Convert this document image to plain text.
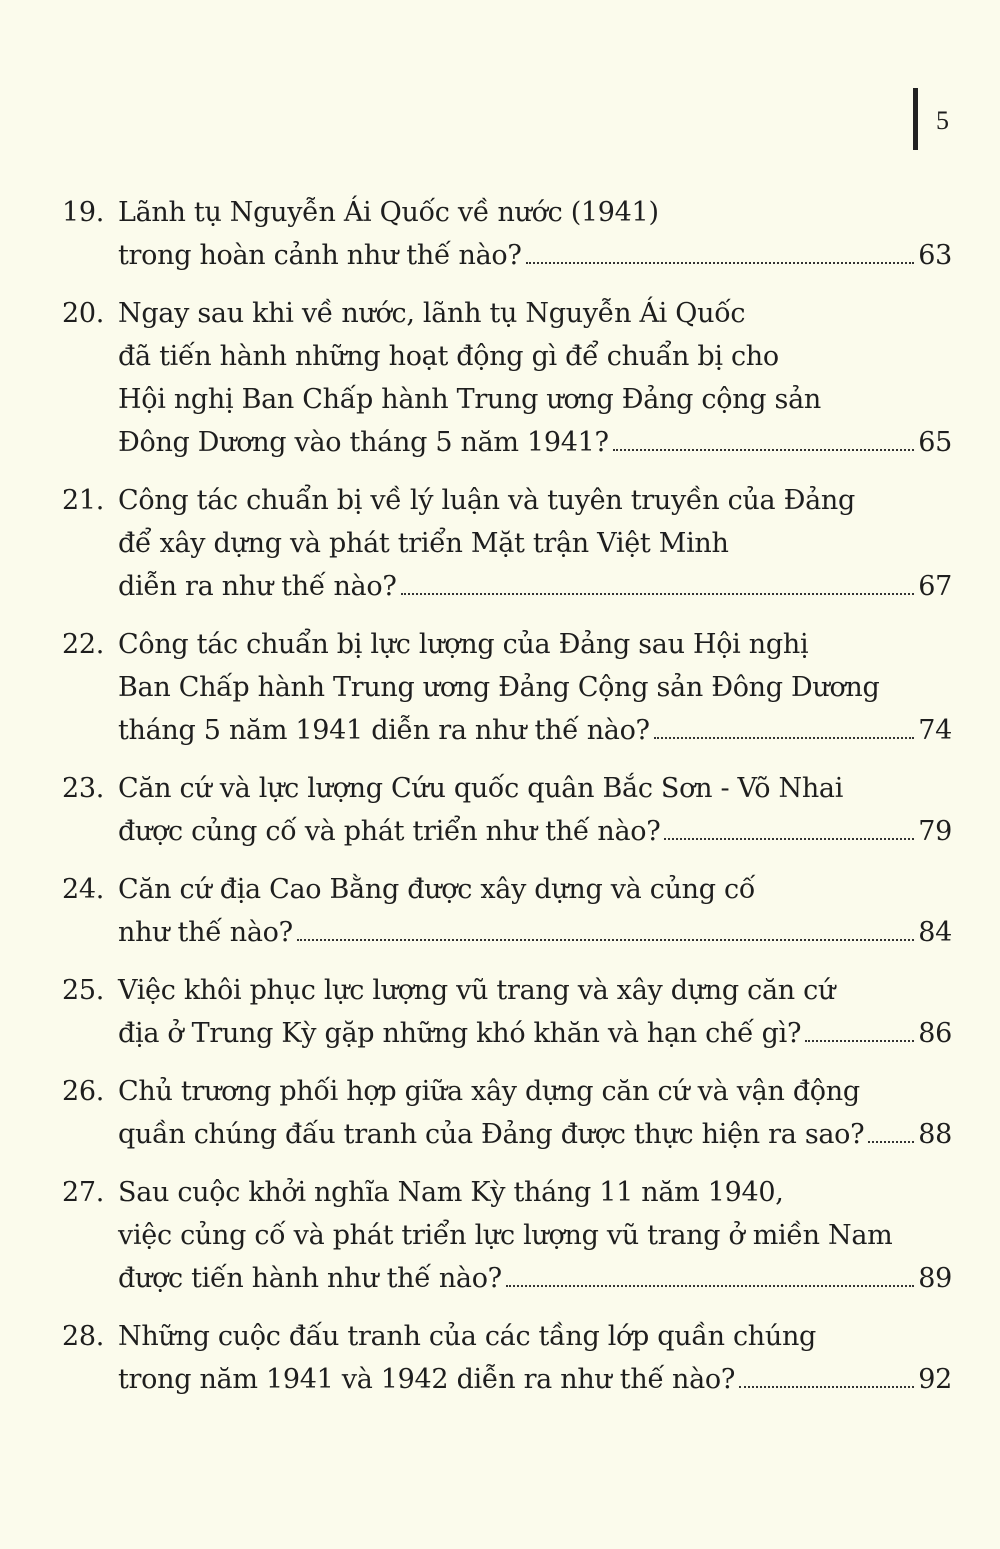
5
19. Lãnh tụ Nguyễn Ái Quốc về nước (1941)
trong hoàn cảnh như thế nào?	63
20. Ngay sau khi về nước, lãnh tụ Nguyễn Ái Quốc
đã tiến hành những hoạt động gì để chuẩn bị cho
Hội nghị Ban Chấp hành Trung ương Đảng cộng sản
Đông Dương vào tháng 5 năm 1941?	65
21. Công tác chuẩn bị về lý luận và tuyên truyền của Đảng
để xây dựng và phát triển Mặt trận Việt Minh
diễn ra như thế nào?	67
22. Công tác chuẩn bị lực lượng của Đảng sau Hội nghị
Ban Chấp hành Trung ương Đảng Cộng sản Đông Dương
tháng 5 năm 1941 diễn ra như thế nào?	74
23. Căn cứ và lực lượng Cứu quốc quân Bắc Sơn - Võ Nhai
được củng cố và phát triển như thế nào?	79
24. Căn cứ địa Cao Bằng được xây dựng và củng cố
như thế nào?	84
25. Việc khôi phục lực lượng vũ trang và xây dựng căn cứ
địa ở Trung Kỳ gặp những khó khăn và hạn chế gì?	86
26. Chủ trương phối hợp giữa xây dựng căn cứ và vận động
quần chúng đấu tranh của Đảng được thực hiện ra sao? 88
27. Sau cuộc khởi nghĩa Nam Kỳ tháng 11 năm 1940,
việc củng cố và phát triển lực lượng vũ trang ở miền Nam
được tiến hành như thế nào?	89
28. Những cuộc đấu tranh của các tầng lớp quần chúng
trong năm 1941 và 1942 diễn ra như thế nào?	92
